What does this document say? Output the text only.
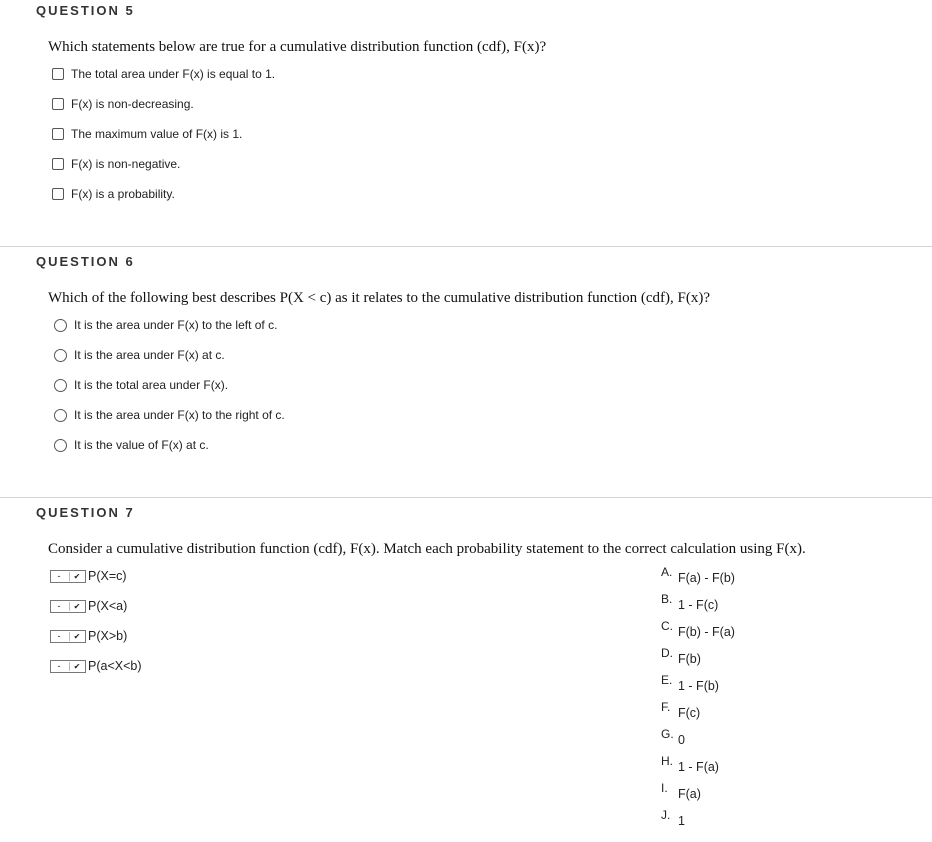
QUESTION 5
Which statements below are true for a cumulative distribution function (cdf), F(x)?
The total area under F(x) is equal to 1.
F(x) is non-decreasing.
The maximum value of F(x) is 1.
F(x) is non-negative.
F(x) is a probability.
QUESTION 6
Which of the following best describes P(X < c) as it relates to the cumulative distribution function (cdf), F(x)?
It is the area under F(x) to the left of c.
It is the area under F(x) at c.
It is the total area under F(x).
It is the area under F(x) to the right of c.
It is the value of F(x) at c.
QUESTION 7
Consider a cumulative distribution function (cdf), F(x). Match each probability statement to the correct calculation using F(x).
-	✔ P(X=c)
-	✔ P(X<a)
-	✔ P(X>b)
-	✔ P(a<X<b)
A. F(a) - F(b)
B. 1 - F(c)
C. F(b) - F(a)
D. F(b)
E. 1 - F(b)
F. F(c)
G. 0
H. 1 - F(a)
I. F(a)
J. 1
